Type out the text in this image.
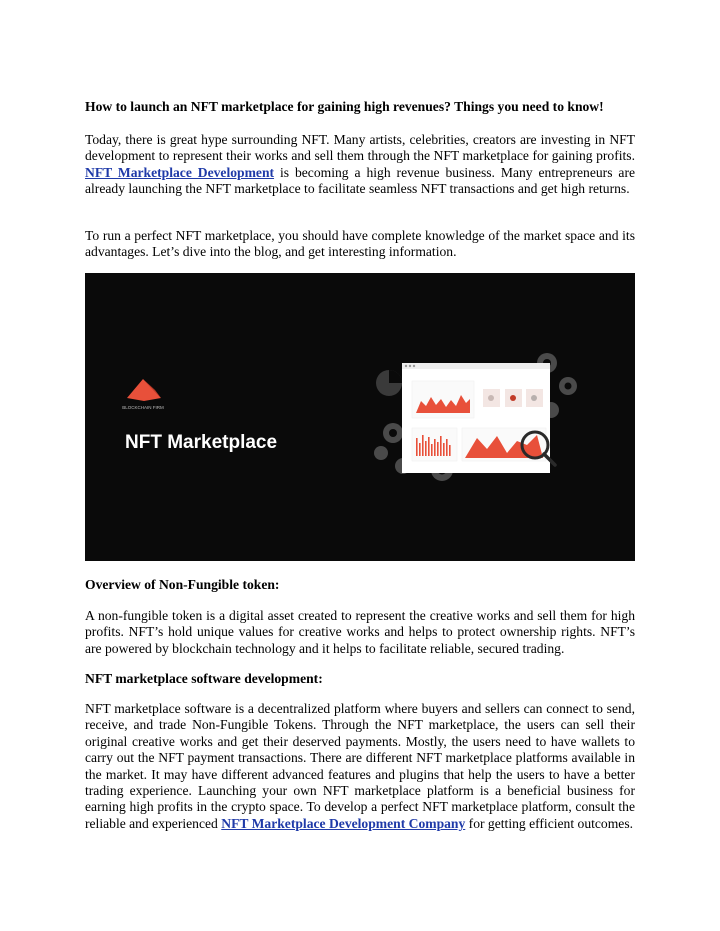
How to launch an NFT marketplace for gaining high revenues? Things you need to know!

Today, there is great hype surrounding NFT. Many artists, celebrities, creators are investing in NFT development to represent their works and sell them through the NFT marketplace for gaining profits. NFT Marketplace Development is becoming a high revenue business. Many entrepreneurs are already launching the NFT marketplace to facilitate seamless NFT transactions and get high returns.

To run a perfect NFT marketplace, you should have complete knowledge of the market space and its advantages. Let’s dive into the blog, and get interesting information.

BLOCKCHAIN FIRM
NFT Marketplace
Overview of Non-Fungible token:

A non-fungible token is a digital asset created to represent the creative works and sell them for high profits. NFT’s hold unique values for creative works and helps to protect ownership rights. NFT’s are powered by blockchain technology and it helps to facilitate reliable, secured trading.

NFT marketplace software development:

NFT marketplace software is a decentralized platform where buyers and sellers can connect to send, receive, and trade Non-Fungible Tokens. Through the NFT marketplace, the users can sell their original creative works and get their deserved payments. Mostly, the users need to have wallets to carry out the NFT payment transactions. There are different NFT marketplace platforms available in the market. It may have different advanced features and plugins that help the users to have a better trading experience. Launching your own NFT marketplace platform is a beneficial business for earning high profits in the crypto space. To develop a perfect NFT marketplace platform, consult the reliable and experienced NFT Marketplace Development Company for getting efficient outcomes.
